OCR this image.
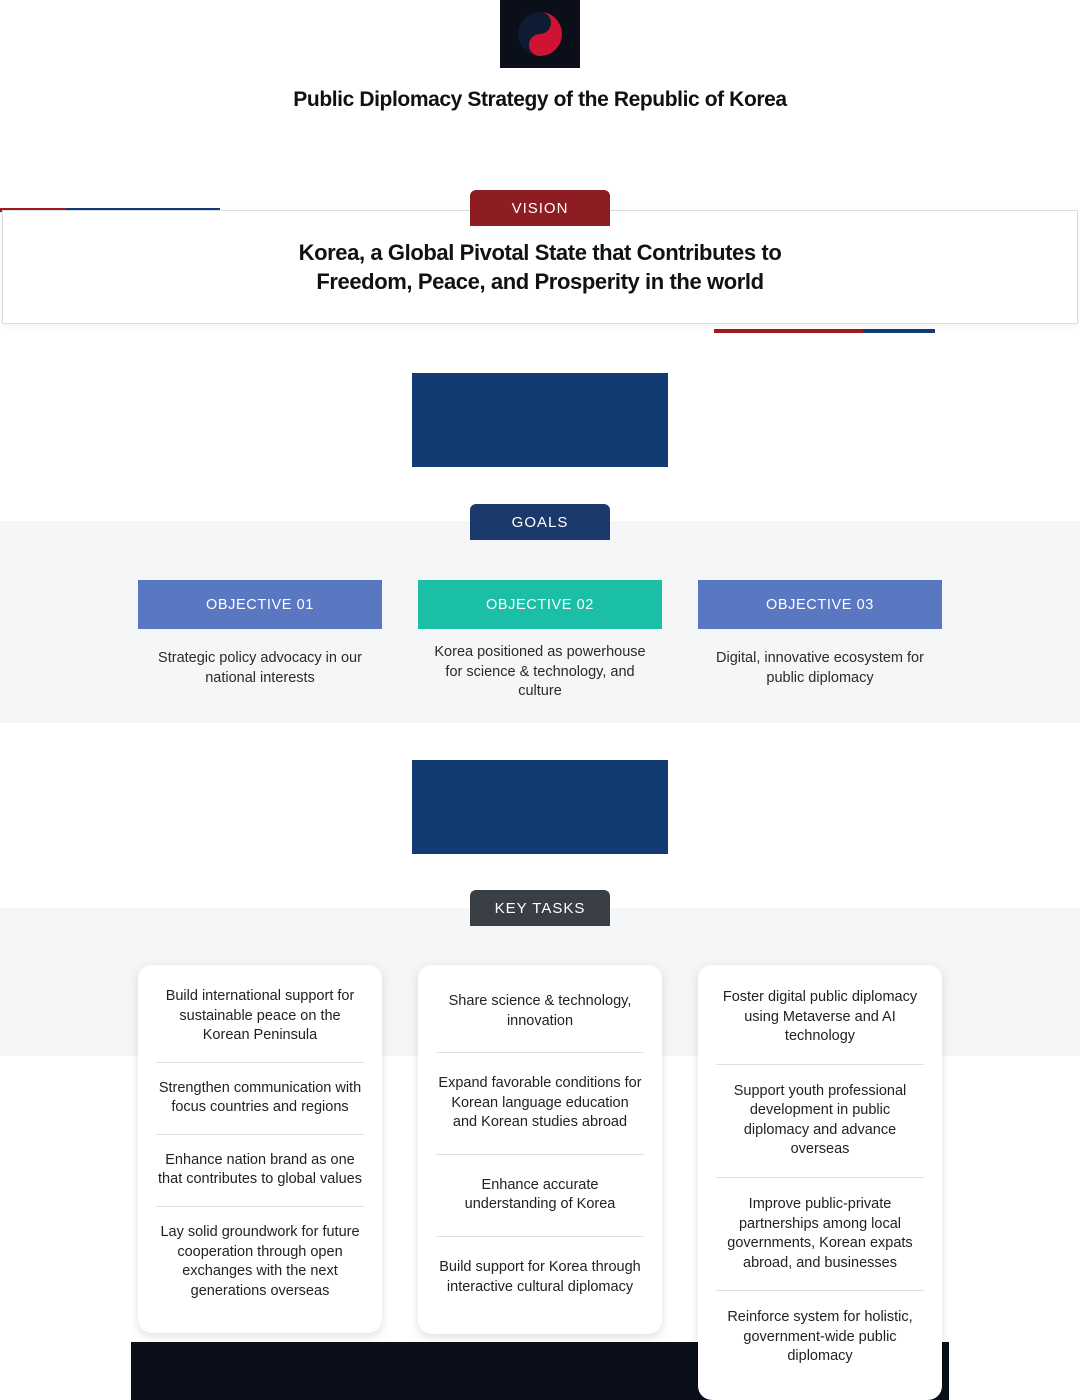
Public Diplomacy Strategy of the Republic of Korea
Korea, a Global Pivotal State that Contributes to
Freedom, Peace, and Prosperity in the world
VISION
GOALS
OBJECTIVE 01
Strategic policy advocacy in our national interests
OBJECTIVE 02
Korea positioned as powerhouse for science & technology, and culture
OBJECTIVE 03
Digital, innovative ecosystem for public diplomacy
KEY TASKS
Build international support for sustainable peace on the Korean Peninsula
Strengthen communication with focus countries and regions
Enhance nation brand as one that contributes to global values
Lay solid groundwork for future cooperation through open exchanges with the next generations overseas
Share science & technology, innovation
Expand favorable conditions for Korean language education and Korean studies abroad
Enhance accurate understanding of Korea
Build support for Korea through interactive cultural diplomacy
Foster digital public diplomacy using Metaverse and AI technology
Support youth professional development in public diplomacy and advance overseas
Improve public-private partnerships among local governments, Korean expats abroad, and businesses
Reinforce system for holistic, government-wide public diplomacy
